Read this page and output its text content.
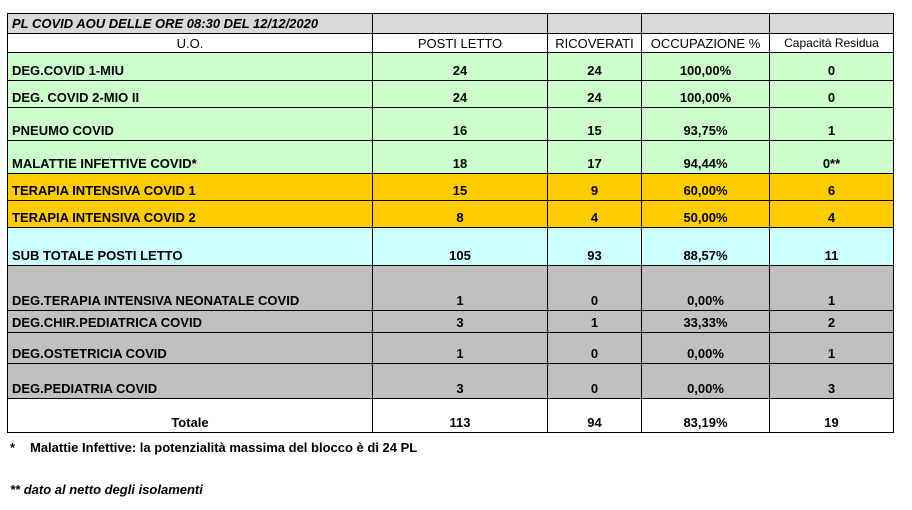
PL COVID AOU DELLE ORE 08:30 DEL 12/12/2020				
U.O.	POSTI LETTO	RICOVERATI	OCCUPAZIONE %	Capacità Residua
DEG.COVID 1-MIU	24	24	100,00%	0
DEG. COVID 2-MIO II	24	24	100,00%	0
PNEUMO COVID	16	15	93,75%	1
MALATTIE INFETTIVE COVID*	18	17	94,44%	0**
TERAPIA INTENSIVA COVID 1	15	9	60,00%	6
TERAPIA INTENSIVA COVID 2	8	4	50,00%	4
SUB TOTALE POSTI LETTO	105	93	88,57%	11
DEG.TERAPIA INTENSIVA NEONATALE COVID	1	0	0,00%	1
DEG.CHIR.PEDIATRICA COVID	3	1	33,33%	2
DEG.OSTETRICIA COVID	1	0	0,00%	1
DEG.PEDIATRIA COVID	3	0	0,00%	3
Totale	113	94	83,19%	19
* Malattie Infettive: la potenzialità massima del blocco è di 24 PL
** dato al netto degli isolamenti
